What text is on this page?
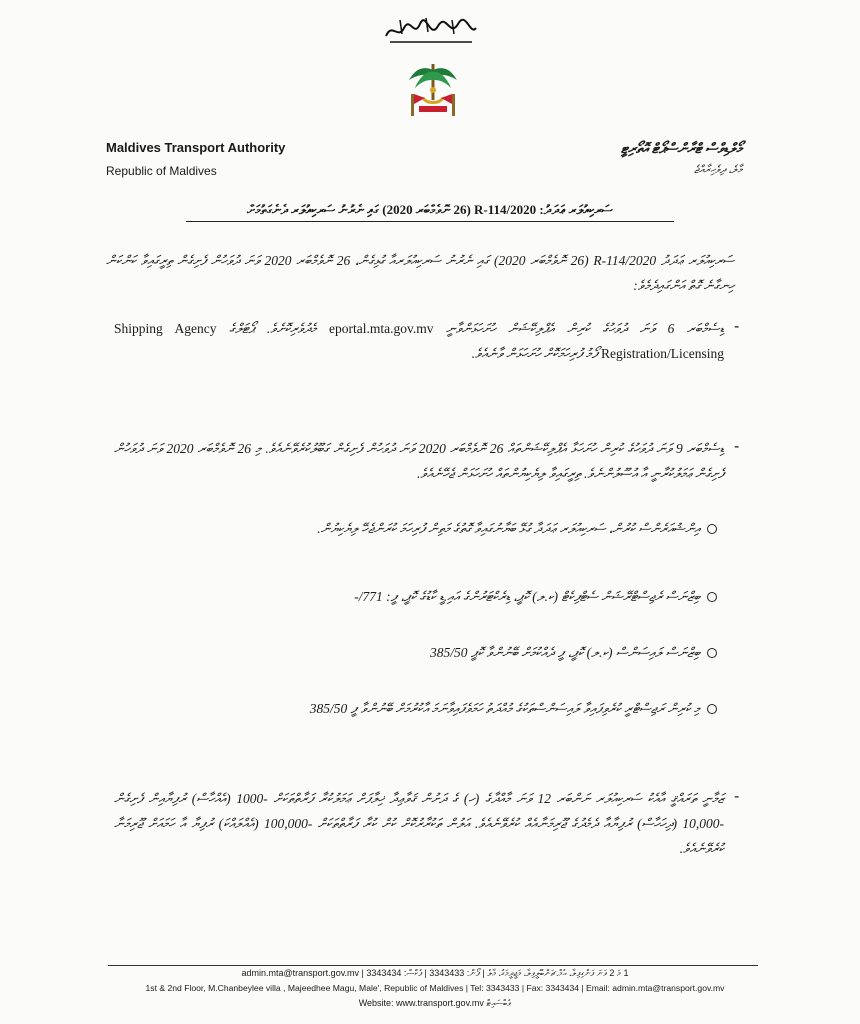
Maldives Transport Authority
Republic of Maldives
މޯލްޑިވްސް ޓްރާންސްޕޯޓް އޮތޯރިޓީ
މާލެ، ދިވެހިރާއްޖެ
ސަރކިއުލަރ ޢަދަދު: 2020/R-114 (26 ނޮވެމްބަރ 2020) ގައި ނެރުނު ސަރކިއުލަރ ދެނެގަތުމަށް
ސަރކިއުލަރ ޢަދަދު 2020/R-114 (26 ނޮވެމްބަރ 2020) ގައި ނެރުނު ސަރކިއުލަރއާ ގުޅިގެން، 26 ނޮވެމްބަރ 2020 ވަނަ ދުވަހުން ފެށިގެން ތިރީގައިވާ ކަންކަން ހިނގާނެ ގޮތް އަންގައިދެމެވެ:
-
ޑިސެމްބަރ 6 ވަނަ ދުވަހުގެ ކުރިން އެޕްލިކޭޝަން ހުށަހަޅަންވާނީ eportal.mta.gov.mv މެދުވެރިކޮށެވެ. ޕޯޓަލްގެ Shipping Agency Registration/Licensing ފޯމު ފުރިހަމަކޮށް ހުށަހަޅަން ވާނެއެވެ.
-
ޑިސެމްބަރ 9 ވަނަ ދުވަހުގެ ކުރިން ހުށަހަޅާ އެޕްލިކޭޝަންތައް 26 ނޮވެމްބަރ 2020 ވަނަ ދުވަހުން ފެށިގެން ގަބޫލުކުރެވޭނެއެވެ. މި 26 ނޮވެމްބަރ 2020 ވަނަ ދުވަހުން ފެށިގެން ޢަމަލުކުރާނީ އާ އުސޫލުންނެވެ. ތިރީގައިވާ ލިޔެކިޔުންތައް ހުށަހަޅަން ޖެހޭނެއެވެ.
އިންޝުއަރެންސް ކުރުން، ސަރކިއުލަރ ޢަދަދާ ގުޅޭ ބަޔާނުގައިވާ ގޮތުގެ މަތިން ފުރިހަމަ ކުރަންޖެހޭ ލިޔެކިޔުން.
ބިޒްނަސް ރެޖިސްޓްރޭޝަން ސެޓްފިކެޓް (ކ.ލ) ކޮޕީ، ޑިރެކްޓަރުންގެ އައި.ޑީ ކާޑުގެ ކޮޕީ، ފީ: 771/-
ބިޒްނަސް ލައިސަންސް (ކ.ލ) ކޮޕީ، ފީ ދެއްކުމަށް ބޭނުންވާ ކޮޕީ 385/50
މި ކުރިން ރަޖިސްޓްރީ ކުރެވިފައިވާ ލައިސަންސްތަކުގެ މުއްދަތު ހަމަވެފައިވާނަމަ އާކުރުމަށް ބޭނުންވާ ފީ 385/50
-
ޒަމާނީ ތަރައްޤީ އާއެކު ސަރކިއުލަރ ނަންބަރ 12 ވަނަ މާއްދާގެ (ހ) ގެ ދަށުން ޤަވާޢިދާ ޚިލާފަށް ޢަމަލުކުރާ ފަރާތްތަކަށް -1000 (އެއްހާސް) ރުފިޔާއިން ފެށިގެން -10,000 (ދިހަހާސް) ރުފިޔާއާ ދެމެދުގެ ޖޫރިމަނާއެއް ކުރެވޭނެއެވެ. އަލުން ތަކުރާރުކޮށް ކުށް ކުރާ ފަރާތްތަކަށް -100,000 (އެއްލައްކަ) ރުފިޔާ އާ ހަމައަށް ޖޫރިމަނާ ކުރެވޭނެއެވެ.
1 މަ 2 ވަނަ ފަންގިފިލާ، އެމް.ޗަންބޭލީވިލާ، މަޖީދީމަގު، މާލެ | ފޯން: 3343433 | ފެކްސް: 3343434 | admin.mta@transport.gov.mv
1st & 2nd Floor, M.Chanbeylee villa , Majeedhee Magu, Male', Republic of Maldives | Tel: 3343433 | Fax: 3343434 | Email: admin.mta@transport.gov.mv
Website: www.transport.gov.mv ވެބްސައިޓް
